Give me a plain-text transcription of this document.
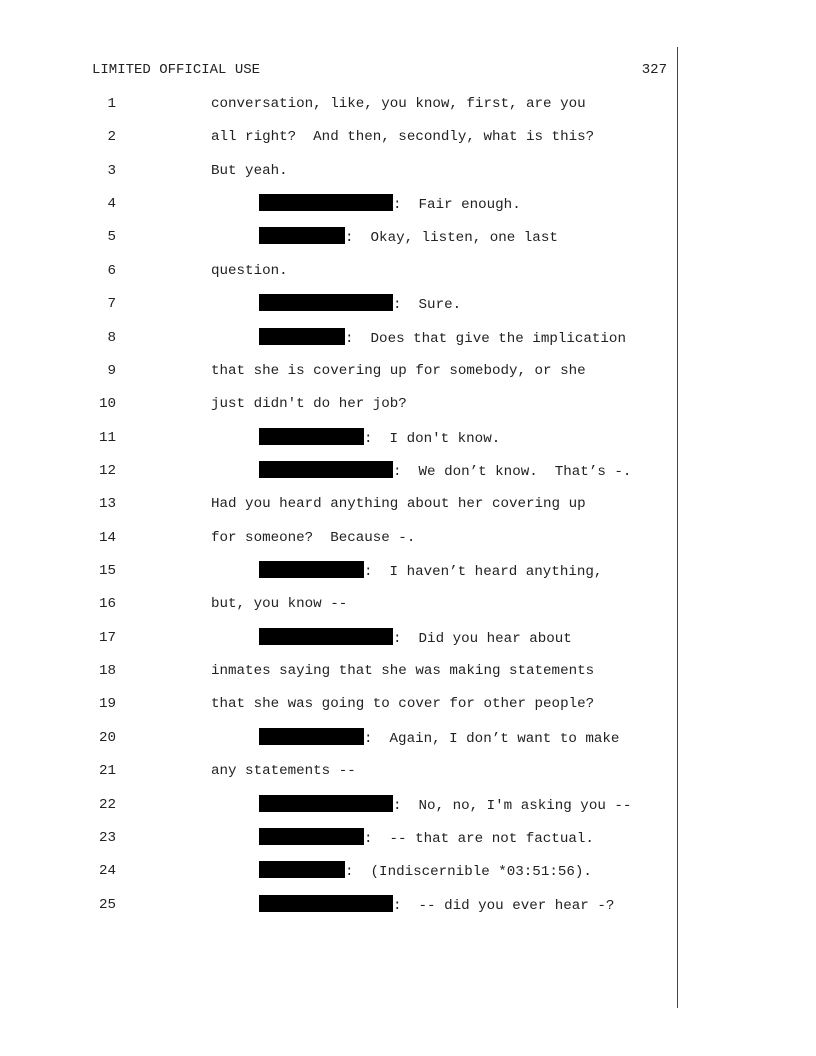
LIMITED OFFICIAL USE	327
1	conversation, like, you know, first, are you
2	all right?  And then, secondly, what is this?
3	But yeah.
4	:  Fair enough.
5	:  Okay, listen, one last
6	question.
7	:  Sure.
8	:  Does that give the implication
9	that she is covering up for somebody, or she
10	just didn't do her job?
11	:  I don't know.
12	:  We don’t know.  That’s -.
13	Had you heard anything about her covering up
14	for someone?  Because -.
15	:  I haven’t heard anything,
16	but, you know --
17	:  Did you hear about
18	inmates saying that she was making statements
19	that she was going to cover for other people?
20	:  Again, I don’t want to make
21	any statements --
22	:  No, no, I'm asking you --
23	:  -- that are not factual.
24	:  (Indiscernible *03:51:56).
25	:  -- did you ever hear -?
